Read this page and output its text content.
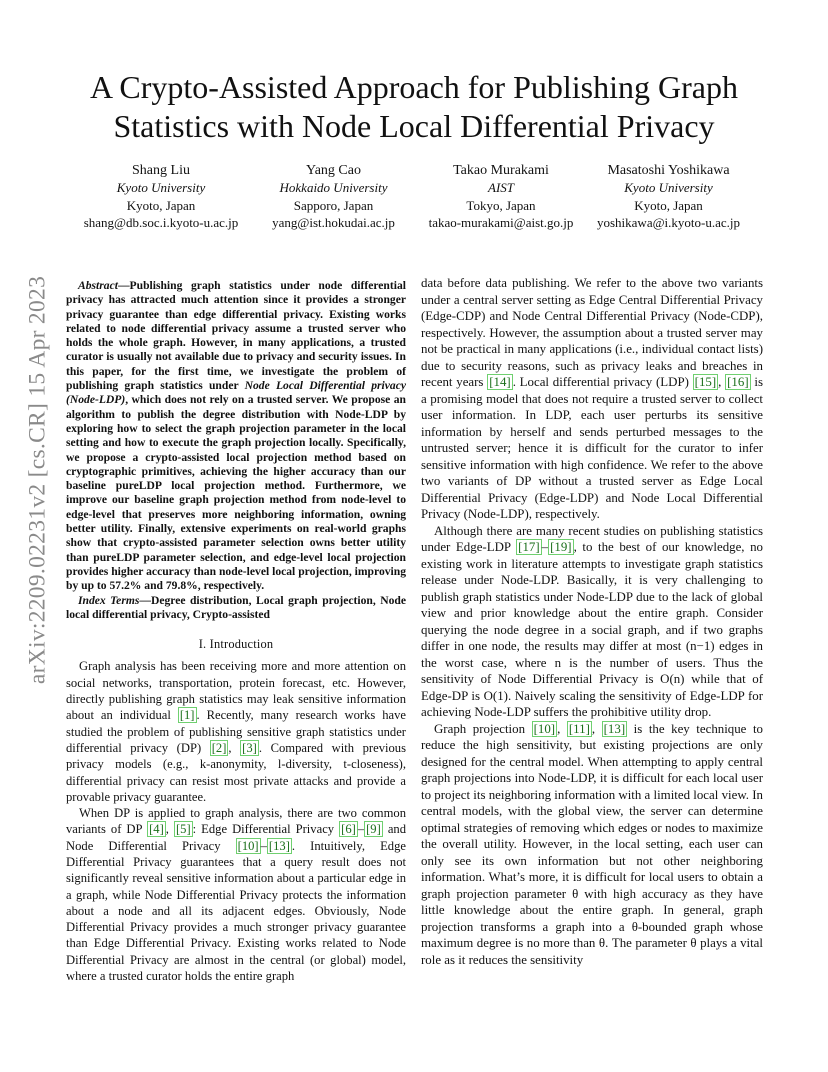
arXiv:2209.02231v2 [cs.CR] 15 Apr 2023
A Crypto-Assisted Approach for Publishing Graph Statistics with Node Local Differential Privacy
Shang Liu
Kyoto University
Kyoto, Japan
shang@db.soc.i.kyoto-u.ac.jp
Yang Cao
Hokkaido University
Sapporo, Japan
yang@ist.hokudai.ac.jp
Takao Murakami
AIST
Tokyo, Japan
takao-murakami@aist.go.jp
Masatoshi Yoshikawa
Kyoto University
Kyoto, Japan
yoshikawa@i.kyoto-u.ac.jp

Abstract—Publishing graph statistics under node differential privacy has attracted much attention since it provides a stronger privacy guarantee than edge differential privacy. Existing works related to node differential privacy assume a trusted server who holds the whole graph. However, in many applications, a trusted curator is usually not available due to privacy and security issues. In this paper, for the first time, we investigate the problem of publishing graph statistics under Node Local Differential privacy (Node-LDP), which does not rely on a trusted server. We propose an algorithm to publish the degree distribution with Node-LDP by exploring how to select the graph projection parameter in the local setting and how to execute the graph projection locally. Specifically, we propose a crypto-assisted local projection method based on cryptographic primitives, achieving the higher accuracy than our baseline pureLDP local projection method. Furthermore, we improve our baseline graph projection method from node-level to edge-level that preserves more neighboring information, owning better utility. Finally, extensive experiments on real-world graphs show that crypto-assisted parameter selection owns better utility than pureLDP parameter selection, and edge-level local projection provides higher accuracy than node-level local projection, improving by up to 57.2% and 79.8%, respectively.

Index Terms—Degree distribution, Local graph projection, Node local differential privacy, Crypto-assisted

I. Introduction

Graph analysis has been receiving more and more attention on social networks, transportation, protein forecast, etc. However, directly publishing graph statistics may leak sensitive information about an individual [1] . Recently, many research works have studied the problem of publishing sensitive graph statistics under differential privacy (DP) [2] , [3] . Compared with previous privacy models (e.g., k-anonymity, l-diversity, t-closeness), differential privacy can resist most private attacks and provide a provable privacy guarantee.

When DP is applied to graph analysis, there are two common variants of DP [4] , [5] : Edge Differential Privacy [6] – [9] and Node Differential Privacy [10] – [13] . Intuitively, Edge Differential Privacy guarantees that a query result does not significantly reveal sensitive information about a particular edge in a graph, while Node Differential Privacy protects the information about a node and all its adjacent edges. Obviously, Node Differential Privacy provides a much stronger privacy guarantee than Edge Differential Privacy. Existing works related to Node Differential Privacy are almost in the central (or global) model, where a trusted curator holds the entire graph

data before data publishing. We refer to the above two variants under a central server setting as Edge Central Differential Privacy (Edge-CDP) and Node Central Differential Privacy (Node-CDP), respectively. However, the assumption about a trusted server may not be practical in many applications (i.e., individual contact lists) due to security reasons, such as privacy leaks and breaches in recent years [14] . Local differential privacy (LDP) [15] , [16] is a promising model that does not require a trusted server to collect user information. In LDP, each user perturbs its sensitive information by herself and sends perturbed messages to the untrusted server; hence it is difficult for the curator to infer sensitive information with high confidence. We refer to the above two variants of DP without a trusted server as Edge Local Differential Privacy (Edge-LDP) and Node Local Differential Privacy (Node-LDP), respectively.

Although there are many recent studies on publishing statistics under Edge-LDP [17] – [19] , to the best of our knowledge, no existing work in literature attempts to investigate graph statistics release under Node-LDP. Basically, it is very challenging to publish graph statistics under Node-LDP due to the lack of global view and prior knowledge about the entire graph. Consider querying the node degree in a social graph, and if two graphs differ in one node, the results may differ at most (n−1) edges in the worst case, where n is the number of users. Thus the sensitivity of Node Differential Privacy is O(n) while that of Edge-DP is O(1). Naively scaling the sensitivity of Edge-LDP for achieving Node-LDP suffers the prohibitive utility drop.

Graph projection [10] , [11] , [13] is the key technique to reduce the high sensitivity, but existing projections are only designed for the central model. When attempting to apply central graph projections into Node-LDP, it is difficult for each local user to project its neighboring information with a limited local view. In central models, with the global view, the server can determine optimal strategies of removing which edges or nodes to maximize the overall utility. However, in the local setting, each user can only see its own information but not other neighboring information. What’s more, it is difficult for local users to obtain a graph projection parameter θ with high accuracy as they have little knowledge about the entire graph. In general, graph projection transforms a graph into a θ-bounded graph whose maximum degree is no more than θ. The parameter θ plays a vital role as it reduces the sensitivity
